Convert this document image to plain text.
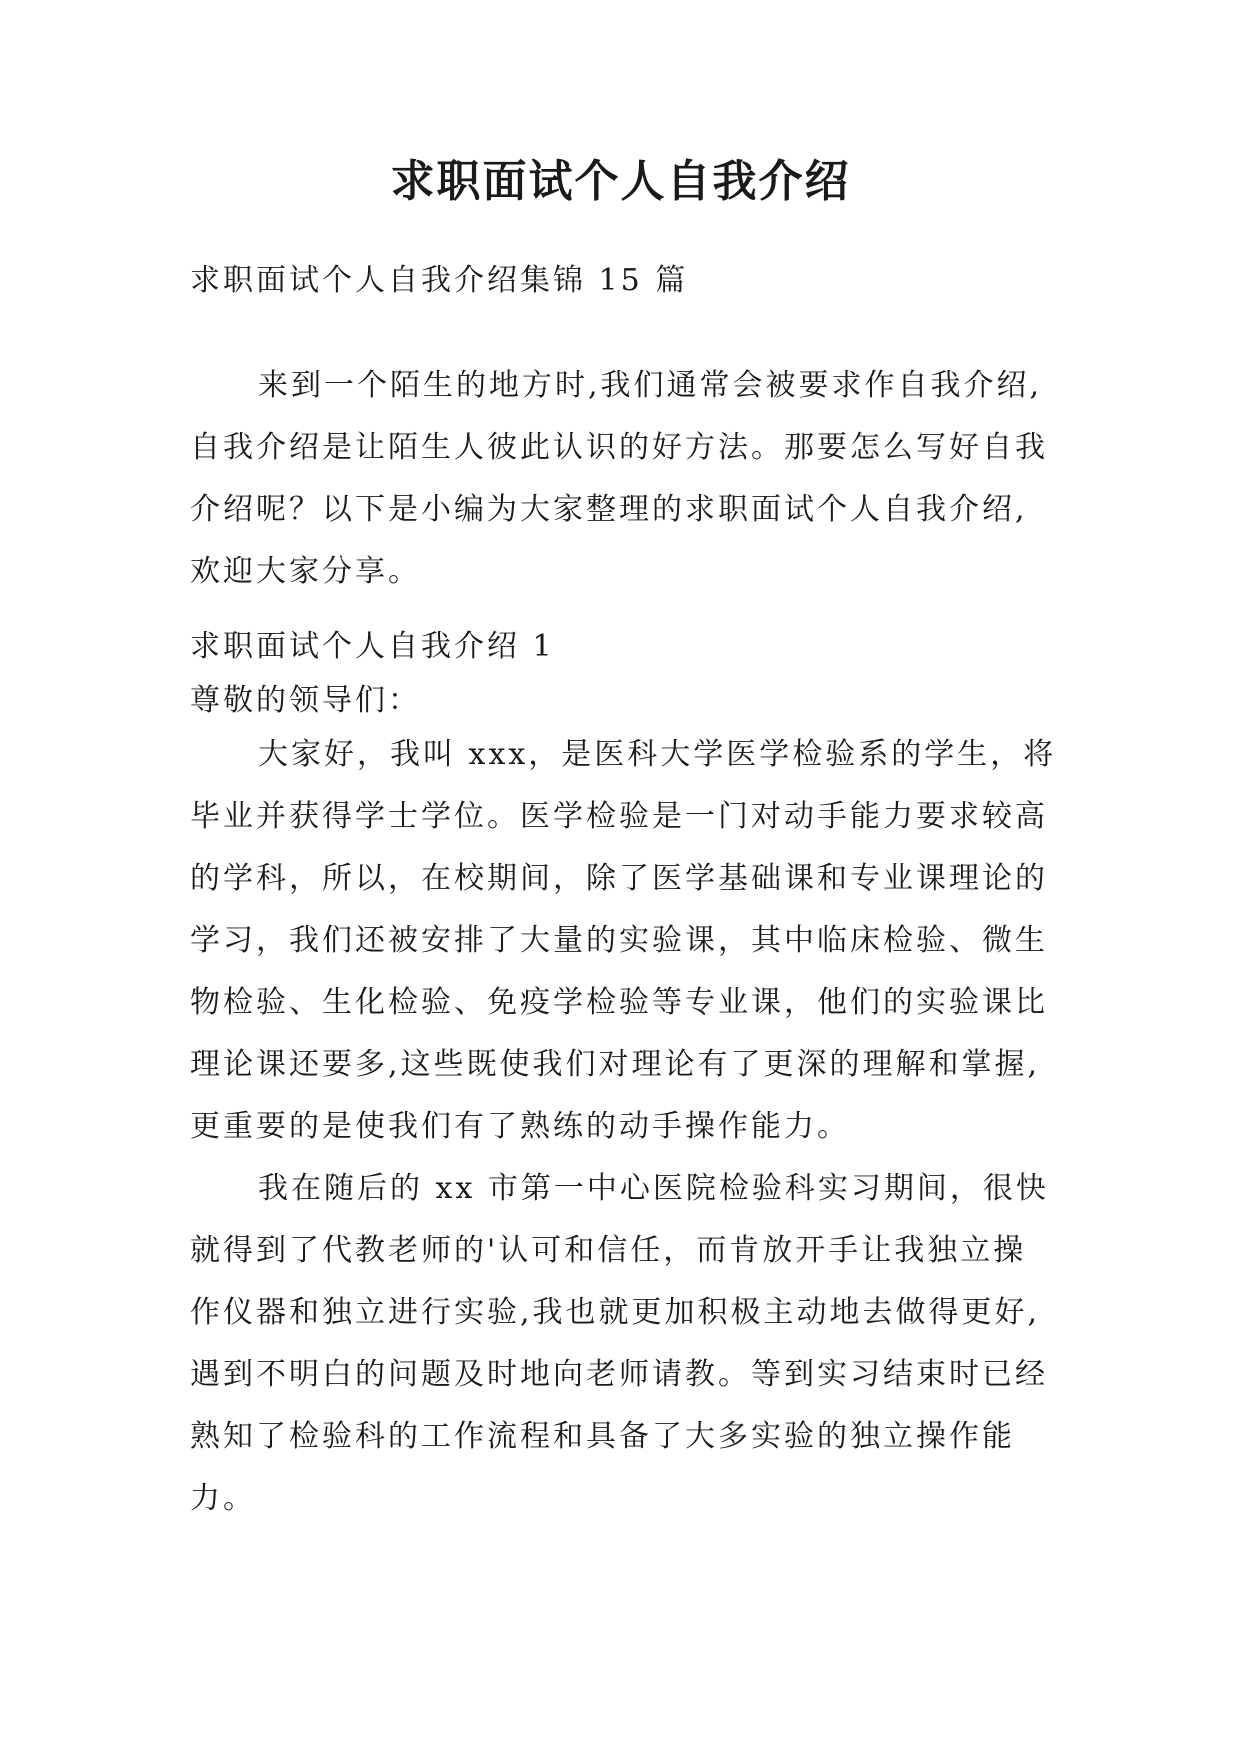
求职面试个人自我介绍

求职面试个人自我介绍集锦 15 篇

来到一个陌生的地方时,我们通常会被要求作自我介绍,
自我介绍是让陌生人彼此认识的好方法。那要怎么写好自我
介绍呢？以下是小编为大家整理的求职面试个人自我介绍,
欢迎大家分享。

求职面试个人自我介绍 1

尊敬的领导们：

大家好，我叫 xxx，是医科大学医学检验系的学生，将
毕业并获得学士学位。医学检验是一门对动手能力要求较高
的学科，所以，在校期间，除了医学基础课和专业课理论的
学习，我们还被安排了大量的实验课，其中临床检验、微生
物检验、生化检验、免疫学检验等专业课，他们的实验课比
理论课还要多,这些既使我们对理论有了更深的理解和掌握,
更重要的是使我们有了熟练的动手操作能力。

我在随后的 xx 市第一中心医院检验科实习期间，很快
就得到了代教老师的'认可和信任，而肯放开手让我独立操
作仪器和独立进行实验,我也就更加积极主动地去做得更好,
遇到不明白的问题及时地向老师请教。等到实习结束时已经
熟知了检验科的工作流程和具备了大多实验的独立操作能
力。
